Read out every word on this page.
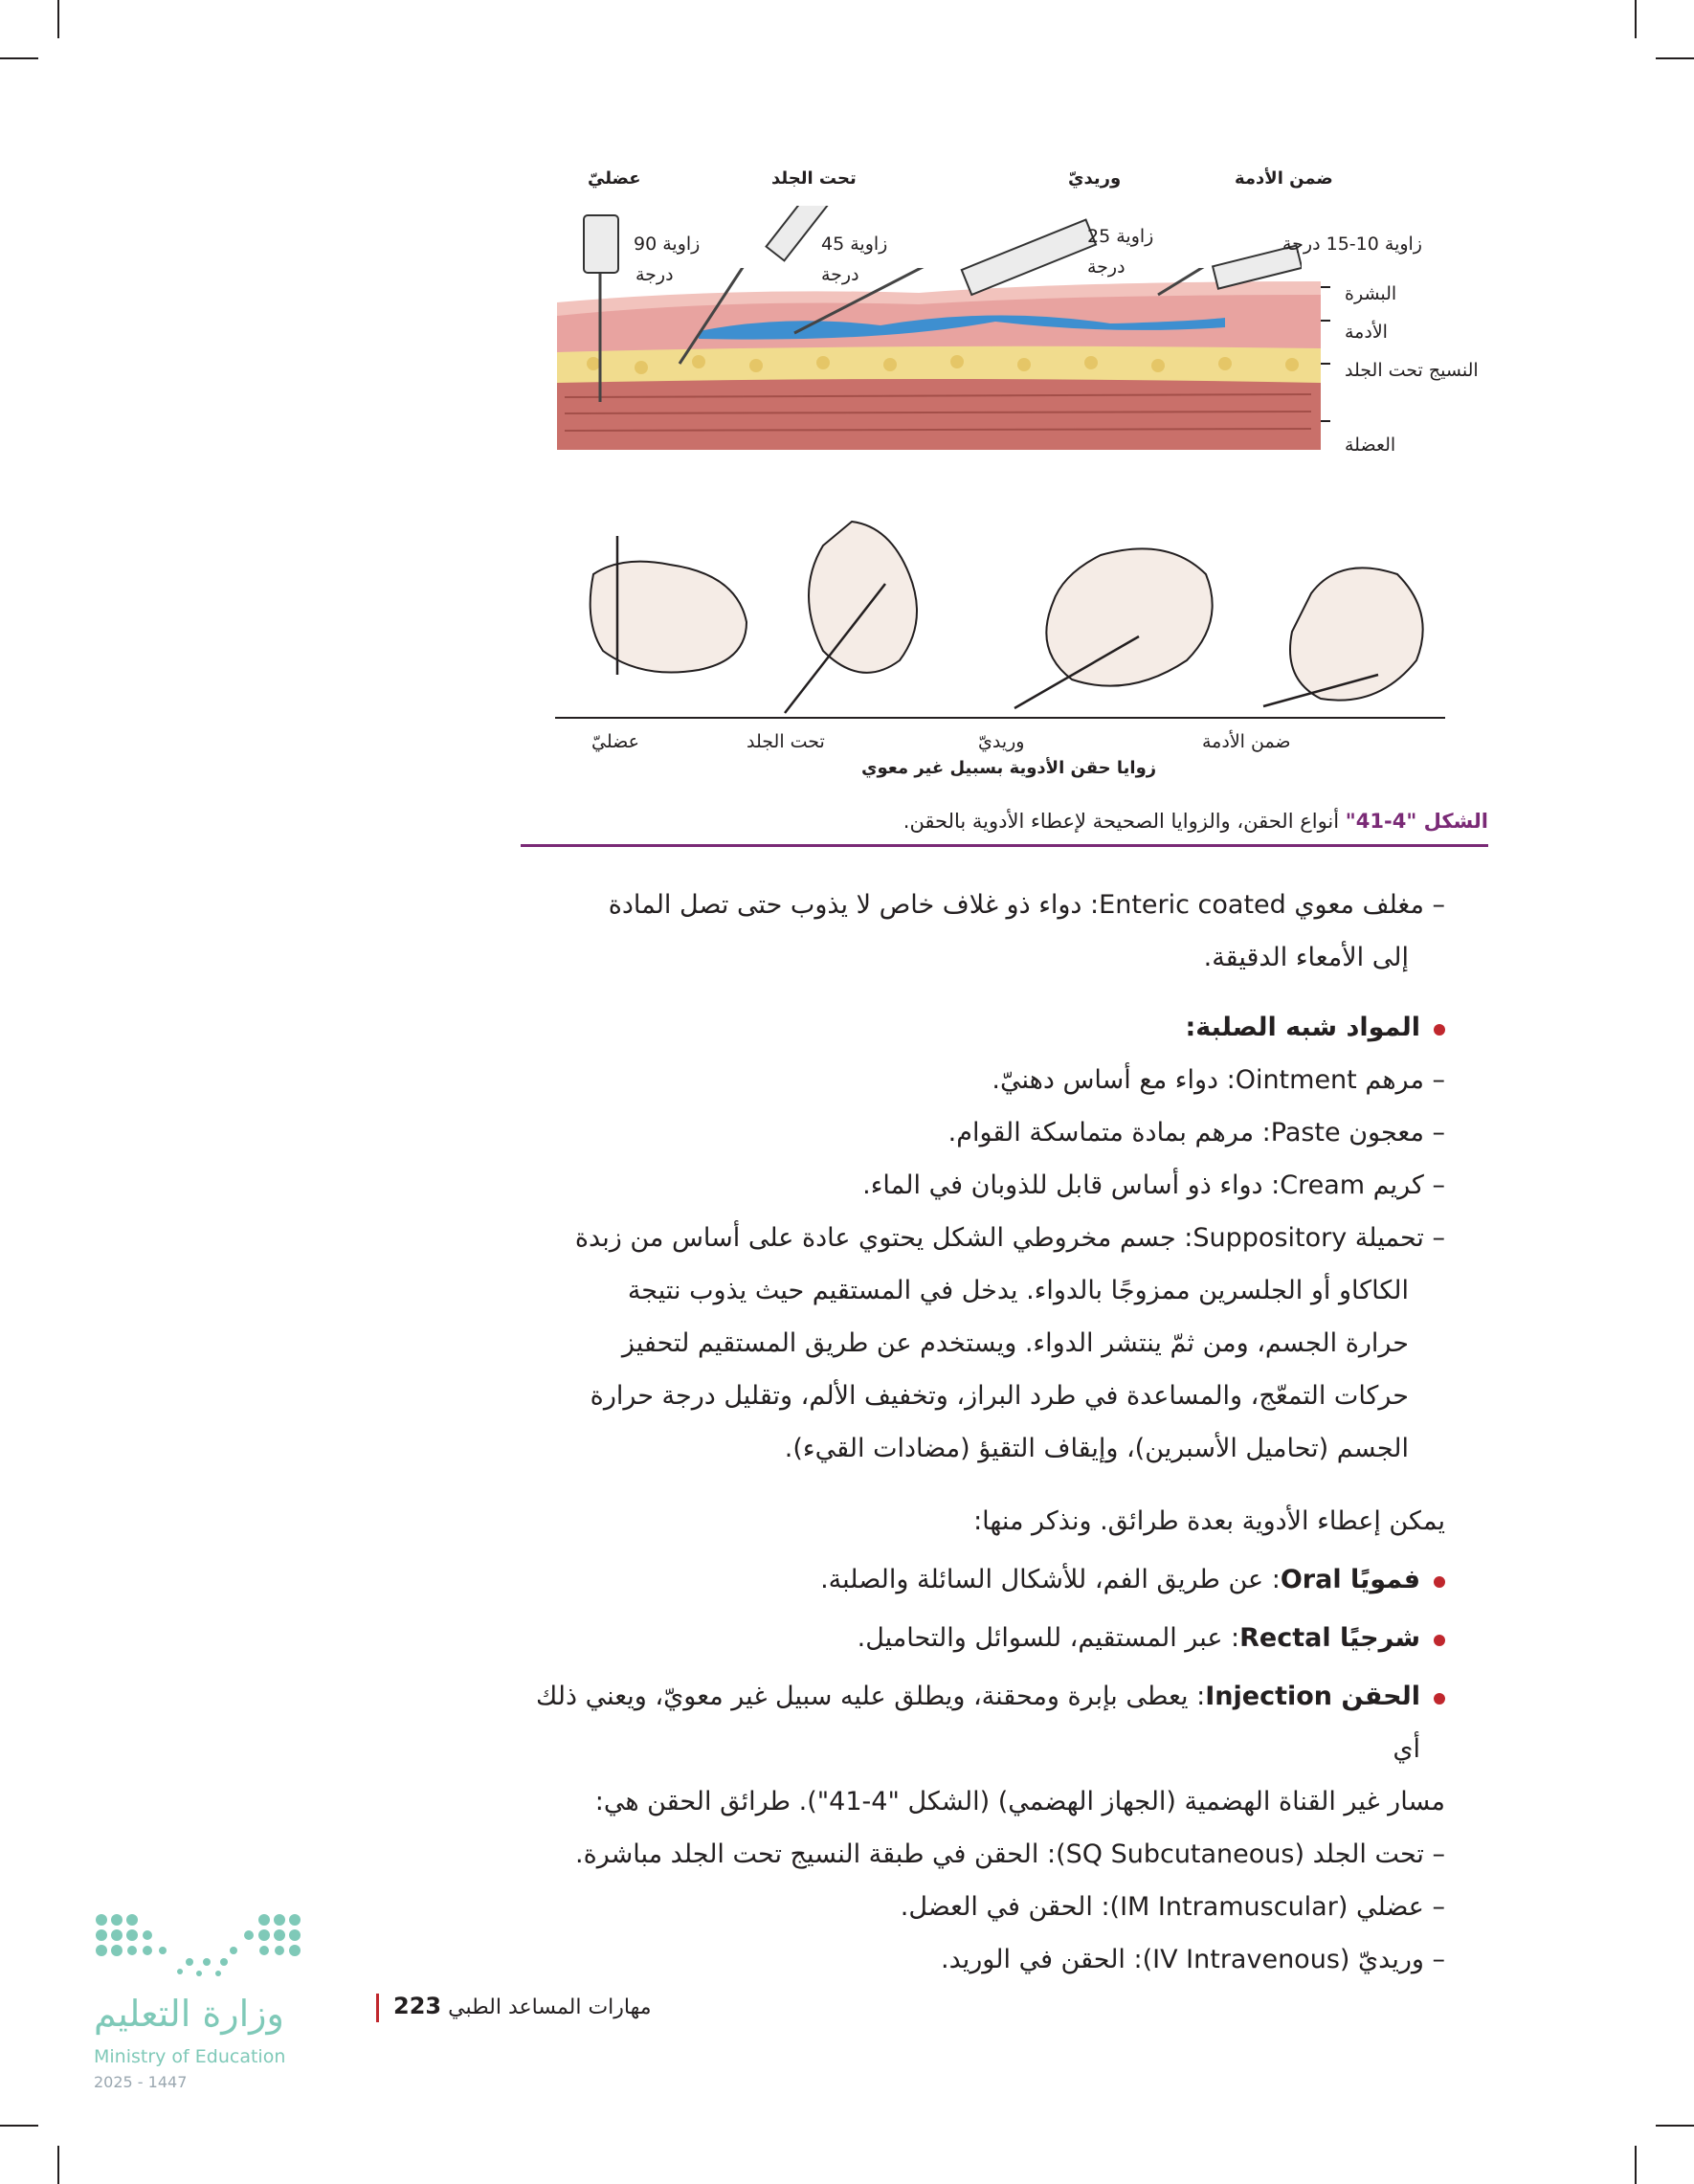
عضليّ	تحت الجلد	وريديّ	ضمن الأدمة
زاوية 90
درجة
زاوية 45
درجة
زاوية 25
درجة
زاوية 10-15 درجة
البشرة
الأدمة
النسيج تحت الجلد
العضلة
عضليّ	تحت الجلد	وريديّ	ضمن الأدمة
زوايا حقن الأدوية بسبيل غير معوي
الشكل "4-41" أنواع الحقن، والزوايا الصحيحة لإعطاء الأدوية بالحقن.
– مغلف معوي Enteric coated: دواء ذو غلاف خاص لا يذوب حتى تصل المادة
إلى الأمعاء الدقيقة.
المواد شبه الصلبة:
– مرهم Ointment: دواء مع أساس دهنيّ.
– معجون Paste: مرهم بمادة متماسكة القوام.
– كريم Cream: دواء ذو أساس قابل للذوبان في الماء.
– تحميلة Suppository: جسم مخروطي الشكل يحتوي عادة على أساس من زبدة
الكاكاو أو الجلسرين ممزوجًا بالدواء. يدخل في المستقيم حيث يذوب نتيجة
حرارة الجسم، ومن ثمّ ينتشر الدواء. ويستخدم عن طريق المستقيم لتحفيز
حركات التمعّج، والمساعدة في طرد البراز، وتخفيف الألم، وتقليل درجة حرارة
الجسم (تحاميل الأسبرين)، وإيقاف التقيؤ (مضادات القيء).
يمكن إعطاء الأدوية بعدة طرائق. ونذكر منها:
فمويًا Oral: عن طريق الفم، للأشكال السائلة والصلبة.
شرجيًا Rectal: عبر المستقيم، للسوائل والتحاميل.
الحقن Injection: يعطى بإبرة ومحقنة، ويطلق عليه سبيل غير معويّ، ويعني ذلك أي
مسار غير القناة الهضمية (الجهاز الهضمي) (الشكل "4-41"). طرائق الحقن هي:
– تحت الجلد (SQ Subcutaneous): الحقن في طبقة النسيج تحت الجلد مباشرة.
– عضلي (IM Intramuscular): الحقن في العضل.
– وريديّ (IV Intravenous): الحقن في الوريد.
مهارات المساعد الطبي 223
وزارة التعليم
Ministry of Education
2025 - 1447
